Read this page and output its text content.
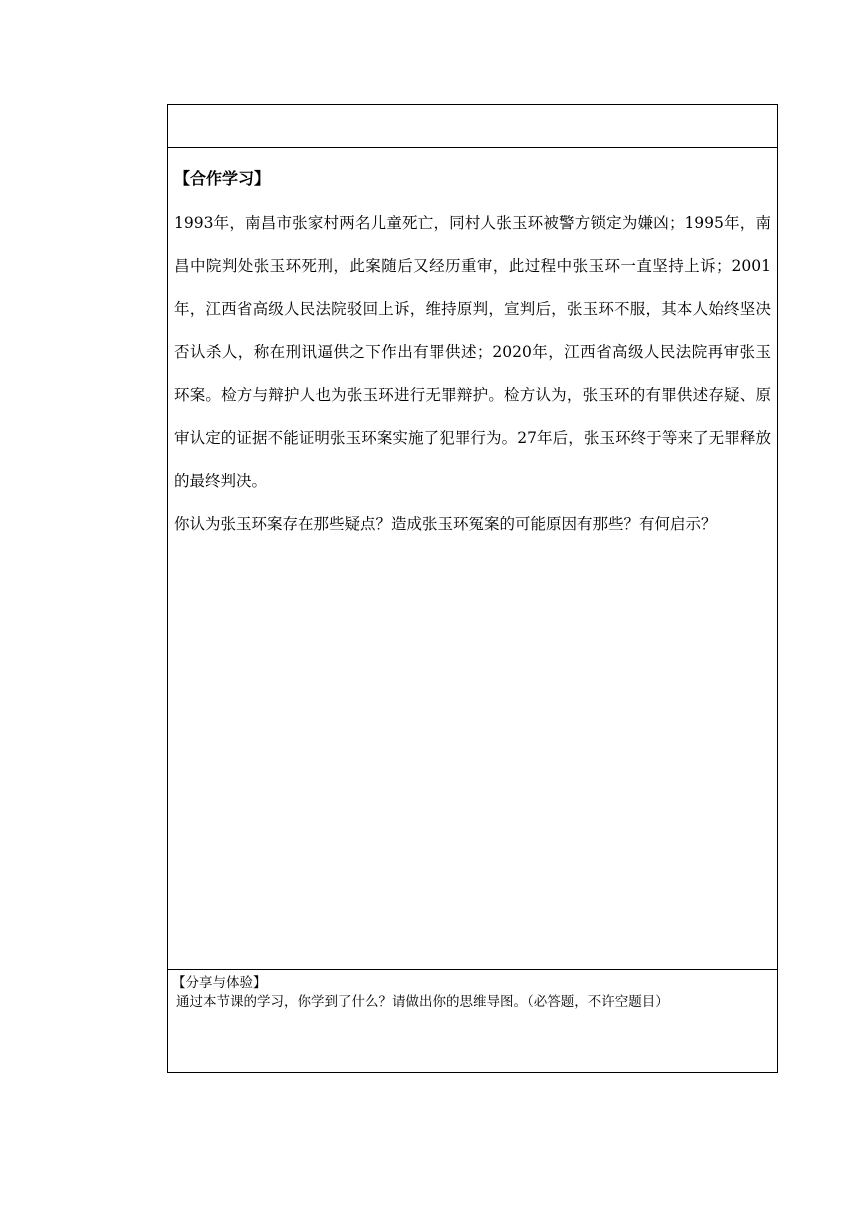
【合作学习】

1993年，南昌市张家村两名儿童死亡，同村人张玉环被警方锁定为嫌凶；1995年，南昌中院判处张玉环死刑，此案随后又经历重审，此过程中张玉环一直坚持上诉；2001年，江西省高级人民法院驳回上诉，维持原判，宣判后，张玉环不服，其本人始终坚决否认杀人，称在刑讯逼供之下作出有罪供述；2020年，江西省高级人民法院再审张玉环案。检方与辩护人也为张玉环进行无罪辩护。检方认为，张玉环的有罪供述存疑、原审认定的证据不能证明张玉环案实施了犯罪行为。27年后，张玉环终于等来了无罪释放的最终判决。

你认为张玉环案存在那些疑点？造成张玉环冤案的可能原因有那些？有何启示？

【分享与体验】

通过本节课的学习，你学到了什么？请做出你的思维导图。（必答题，不许空题目）
